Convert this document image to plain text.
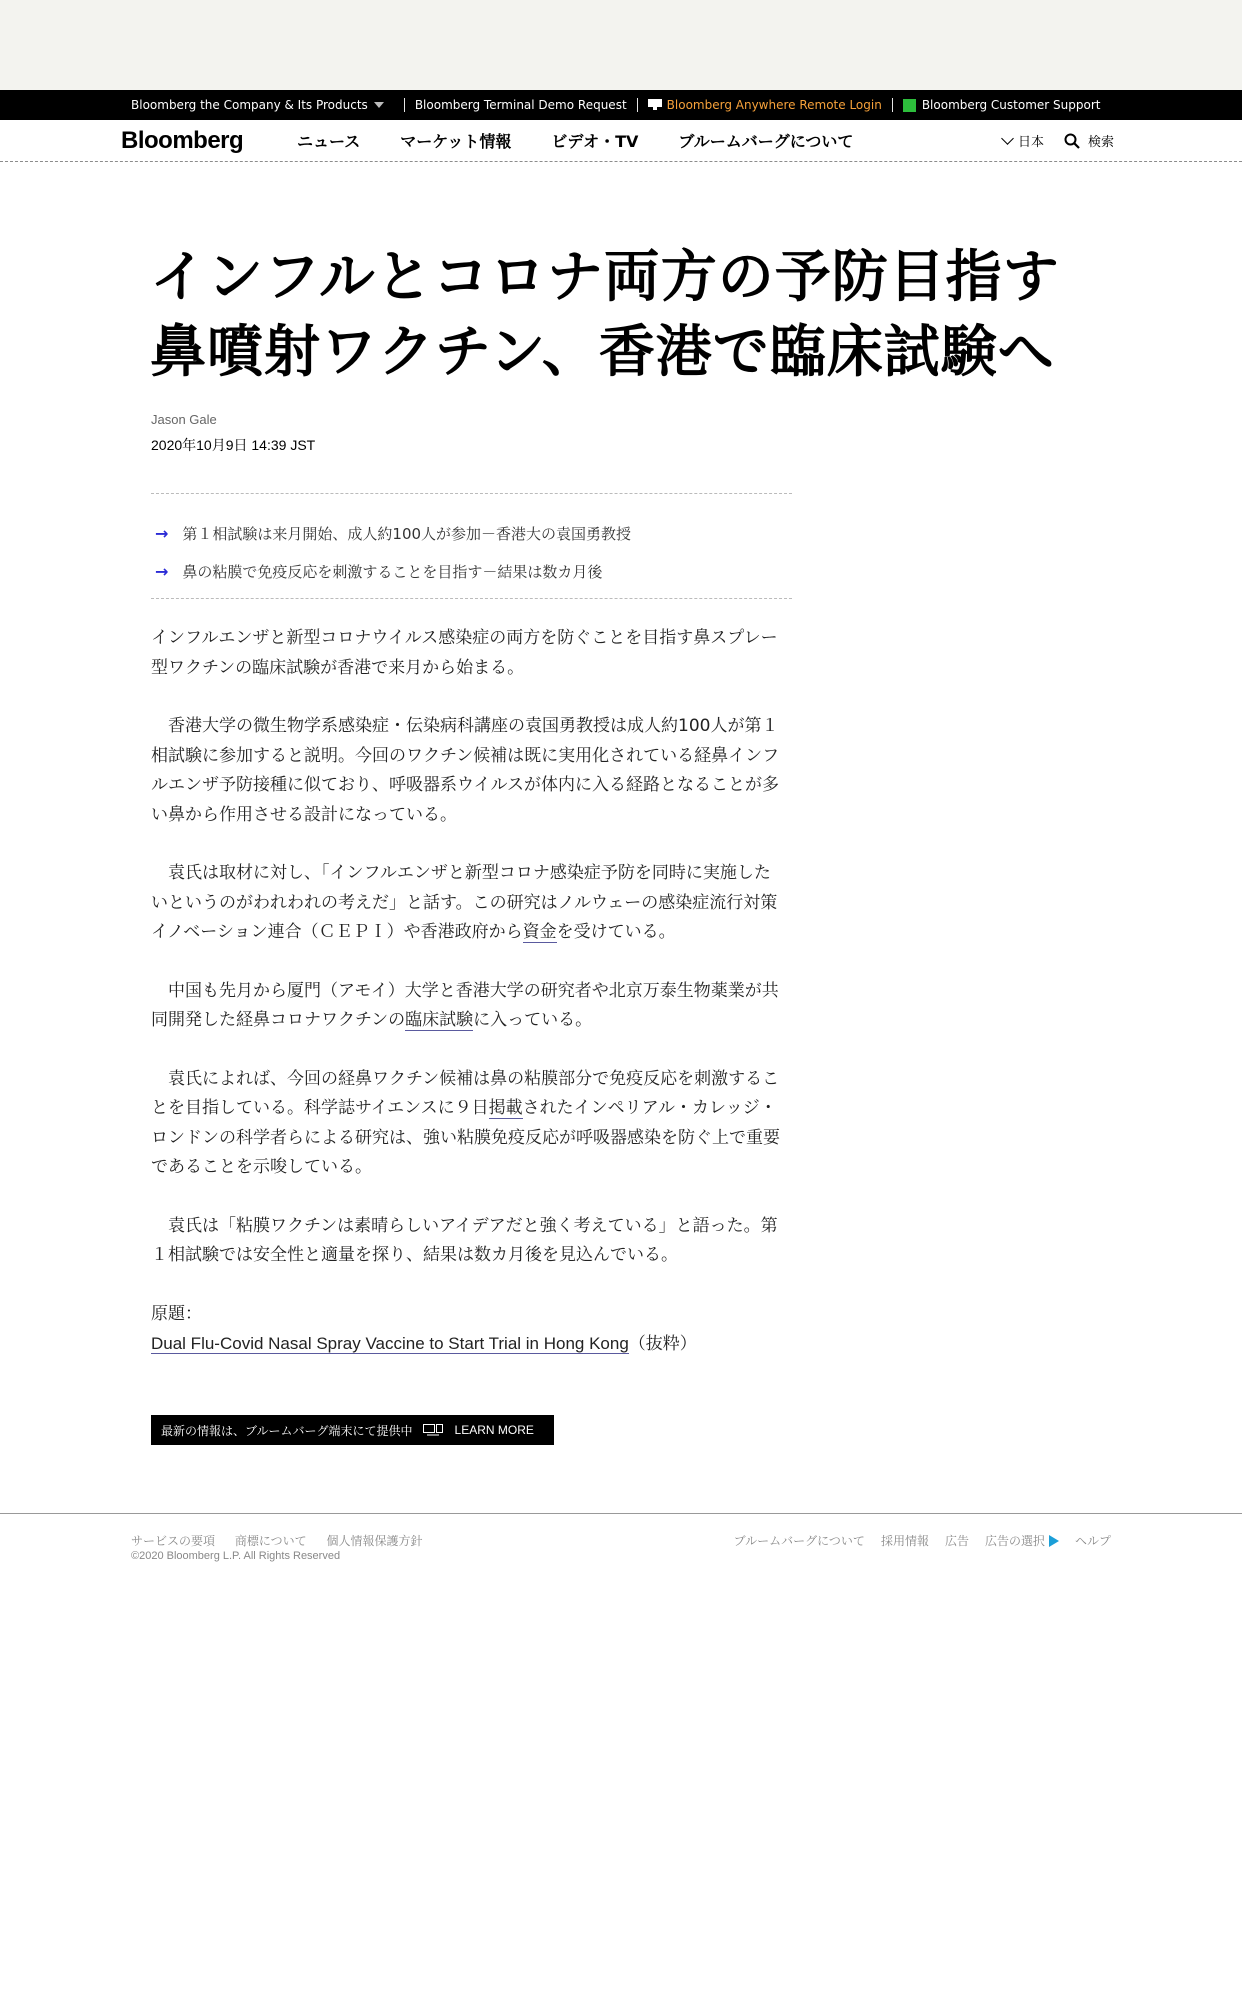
Bloomberg the Company & Its Products	Bloomberg Terminal Demo Request	Bloomberg Anywhere Remote Login	Bloomberg Customer Support
Bloomberg	ニュース	マーケット情報	ビデオ・TV	ブルームバーグについて	日本	検索
インフルとコロナ両方の予防目指す
鼻噴射ワクチン、香港で臨床試験へ
Jason Gale
2020年10月9日 14:39 JST
→ 第１相試験は来月開始、成人約100人が参加－香港大の袁国勇教授
→ 鼻の粘膜で免疫反応を刺激することを目指す－結果は数カ月後

インフルエンザと新型コロナウイルス感染症の両方を防ぐことを目指す鼻スプレー型ワクチンの臨床試験が香港で来月から始まる。

　香港大学の微生物学系感染症・伝染病科講座の袁国勇教授は成人約100人が第１相試験に参加すると説明。今回のワクチン候補は既に実用化されている経鼻インフルエンザ予防接種に似ており、呼吸器系ウイルスが体内に入る経路となることが多い鼻から作用させる設計になっている。

　袁氏は取材に対し、「インフルエンザと新型コロナ感染症予防を同時に実施したいというのがわれわれの考えだ」と話す。この研究はノルウェーの感染症流行対策イノベーション連合（ＣＥＰＩ）や香港政府から資金を受けている。

　中国も先月から厦門（アモイ）大学と香港大学の研究者や北京万泰生物薬業が共同開発した経鼻コロナワクチンの臨床試験に入っている。

　袁氏によれば、今回の経鼻ワクチン候補は鼻の粘膜部分で免疫反応を刺激することを目指している。科学誌サイエンスに９日掲載されたインペリアル・カレッジ・ロンドンの科学者らによる研究は、強い粘膜免疫反応が呼吸器感染を防ぐ上で重要であることを示唆している。

　袁氏は「粘膜ワクチンは素晴らしいアイデアだと強く考えている」と語った。第１相試験では安全性と適量を探り、結果は数カ月後を見込んでいる。

原題：
Dual Flu-Covid Nasal Spray Vaccine to Start Trial in Hong Kong（抜粋）

最新の情報は、ブルームバーグ端末にて提供中	LEARN MORE
サービスの要項 商標について 個人情報保護方針
©2020 Bloomberg L.P. All Rights Reserved
ブルームバーグについて 採用情報 広告 広告の選択	ヘルプ
